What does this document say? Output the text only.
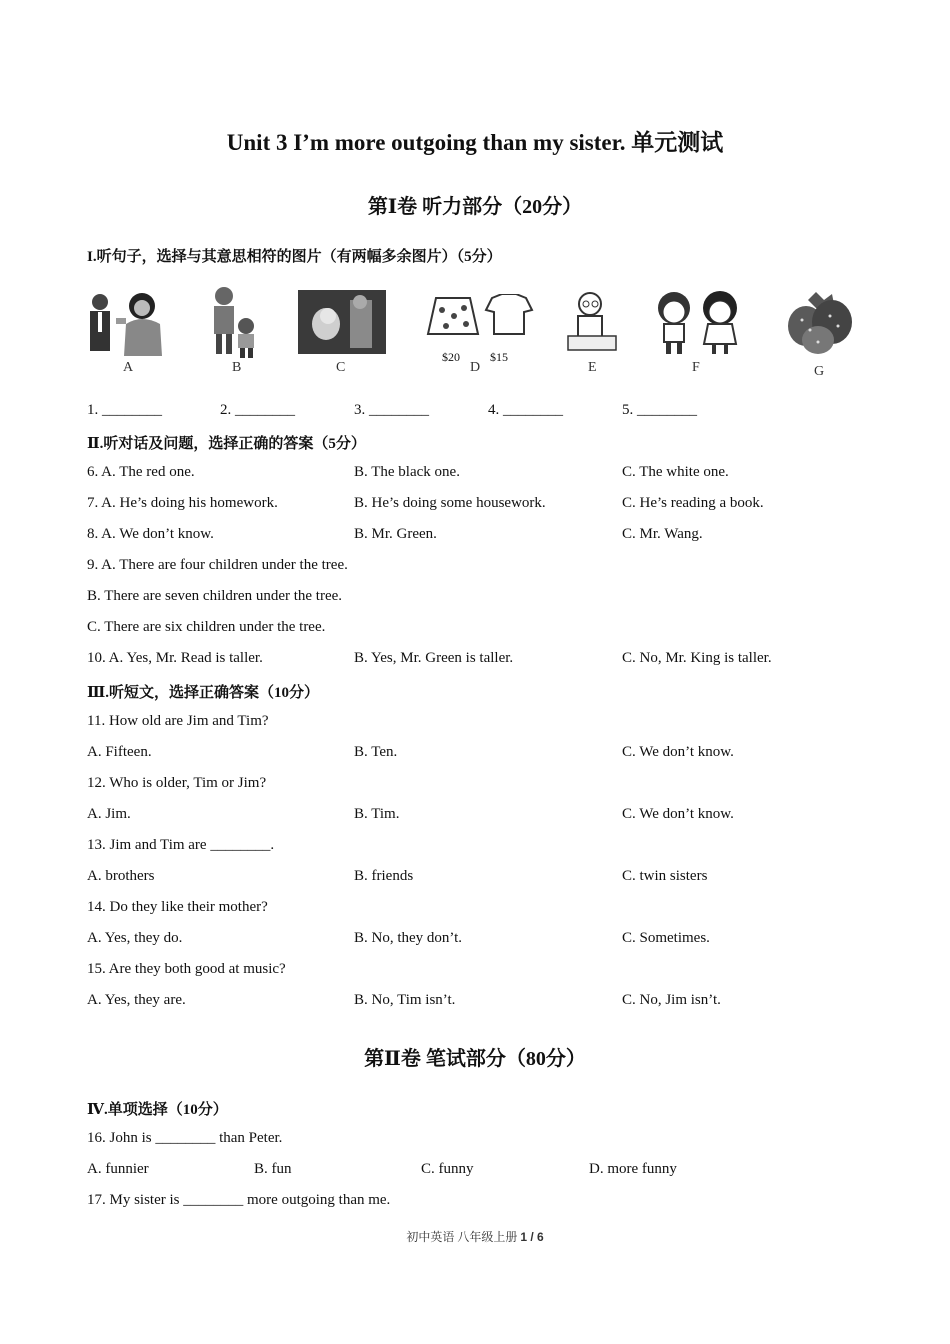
Unit 3 I’m more outgoing than my sister. 单元测试
第Ⅰ卷 听力部分（20分）
I.听句子，选择与其意思相符的图片（有两幅多余图片）（5分）
A	B	C
$20	$15
D	E	F	G
1. ________	2. ________	3. ________	4. ________	5. ________
Ⅱ.听对话及问题，选择正确的答案（5分）
6. A. The red one.	B. The black one.	C. The white one.
7. A. He’s doing his homework.	B. He’s doing some housework.	C. He’s reading a book.
8. A. We don’t know.	B. Mr. Green.	C. Mr. Wang.
9. A. There are four children under the tree.
B. There are seven children under the tree.
C. There are six children under the tree.
10. A. Yes, Mr. Read is taller.	B. Yes, Mr. Green is taller.	C. No, Mr. King is taller.
Ⅲ.听短文，选择正确答案（10分）
11. How old are Jim and Tim?
A. Fifteen.	B. Ten.	C. We don’t know.
12. Who is older, Tim or Jim?
A. Jim.	B. Tim.	C. We don’t know.
13. Jim and Tim are ________.
A. brothers	B. friends	C. twin sisters
14. Do they like their mother?
A. Yes, they do.	B. No, they don’t.	C. Sometimes.
15. Are they both good at music?
A. Yes, they are.	B. No, Tim isn’t.	C. No, Jim isn’t.
第Ⅱ卷 笔试部分（80分）
Ⅳ.单项选择（10分）
16. John is ________ than Peter.
A. funnier	B. fun	C. funny	D. more funny
17. My sister is ________ more outgoing than me.
初中英语 八年级上册 1 / 6
